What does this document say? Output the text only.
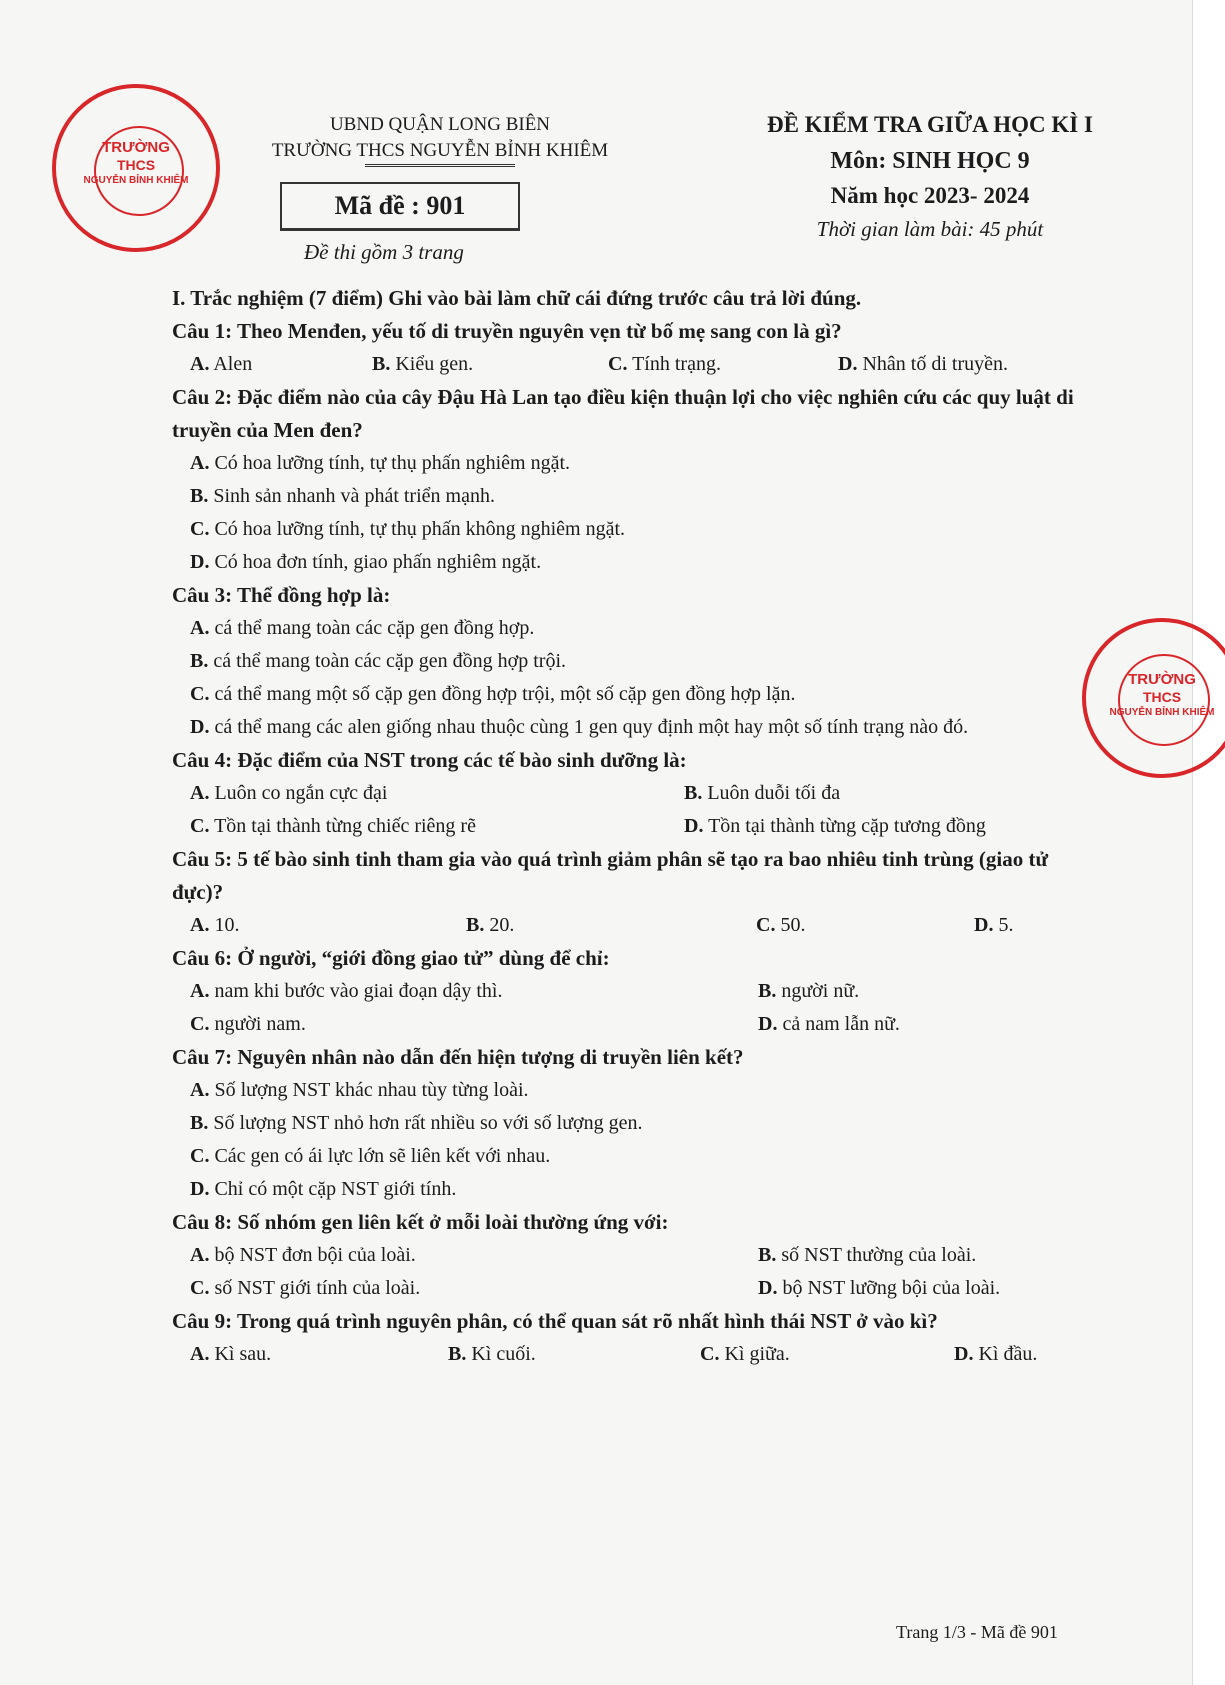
TRƯỜNG
THCS
NGUYỄN BỈNH KHIÊM
TRƯỜNG
THCS
NGUYỄN BỈNH KHIÊM
UBND QUẬN LONG BIÊN
TRƯỜNG THCS NGUYỄN BỈNH KHIÊM
Mã đề : 901
Đề thi gồm 3 trang
ĐỀ KIỂM TRA GIỮA HỌC KÌ I
Môn: SINH HỌC 9
Năm học 2023- 2024
Thời gian làm bài: 45 phút
I. Trắc nghiệm (7 điểm) Ghi vào bài làm chữ cái đứng trước câu trả lời đúng.
Câu 1: Theo Menđen, yếu tố di truyền nguyên vẹn từ bố mẹ sang con là gì?
A. Alen	B. Kiểu gen.	C. Tính trạng.	D. Nhân tố di truyền.
Câu 2: Đặc điểm nào của cây Đậu Hà Lan tạo điều kiện thuận lợi cho việc nghiên cứu các quy luật di truyền của Men đen?
A. Có hoa lưỡng tính, tự thụ phấn nghiêm ngặt.
B. Sinh sản nhanh và phát triển mạnh.
C. Có hoa lưỡng tính, tự thụ phấn không nghiêm ngặt.
D. Có hoa đơn tính, giao phấn nghiêm ngặt.
Câu 3: Thể đồng hợp là:
A. cá thể mang toàn các cặp gen đồng hợp.
B. cá thể mang toàn các cặp gen đồng hợp trội.
C. cá thể mang một số cặp gen đồng hợp trội, một số cặp gen đồng hợp lặn.
D. cá thể mang các alen giống nhau thuộc cùng 1 gen quy định một hay một số tính trạng nào đó.
Câu 4: Đặc điểm của NST trong các tế bào sinh dưỡng là:
A. Luôn co ngắn cực đại	B. Luôn duỗi tối đa
C. Tồn tại thành từng chiếc riêng rẽ	D. Tồn tại thành từng cặp tương đồng
Câu 5: 5 tế bào sinh tinh tham gia vào quá trình giảm phân sẽ tạo ra bao nhiêu tinh trùng (giao tử đực)?
A. 10.	B. 20.	C. 50.	D. 5.
Câu 6: Ở người, “giới đồng giao tử” dùng để chỉ:
A. nam khi bước vào giai đoạn dậy thì.	B. người nữ.
C. người nam.	D. cả nam lẫn nữ.
Câu 7: Nguyên nhân nào dẫn đến hiện tượng di truyền liên kết?
A. Số lượng NST khác nhau tùy từng loài.
B. Số lượng NST nhỏ hơn rất nhiều so với số lượng gen.
C. Các gen có ái lực lớn sẽ liên kết với nhau.
D. Chỉ có một cặp NST giới tính.
Câu 8: Số nhóm gen liên kết ở mỗi loài thường ứng với:
A. bộ NST đơn bội của loài.	B. số NST thường của loài.
C. số NST giới tính của loài.	D. bộ NST lưỡng bội của loài.
Câu 9: Trong quá trình nguyên phân, có thể quan sát rõ nhất hình thái NST ở vào kì?
A. Kì sau.	B. Kì cuối.	C. Kì giữa.	D. Kì đầu.
Trang 1/3 - Mã đề 901
